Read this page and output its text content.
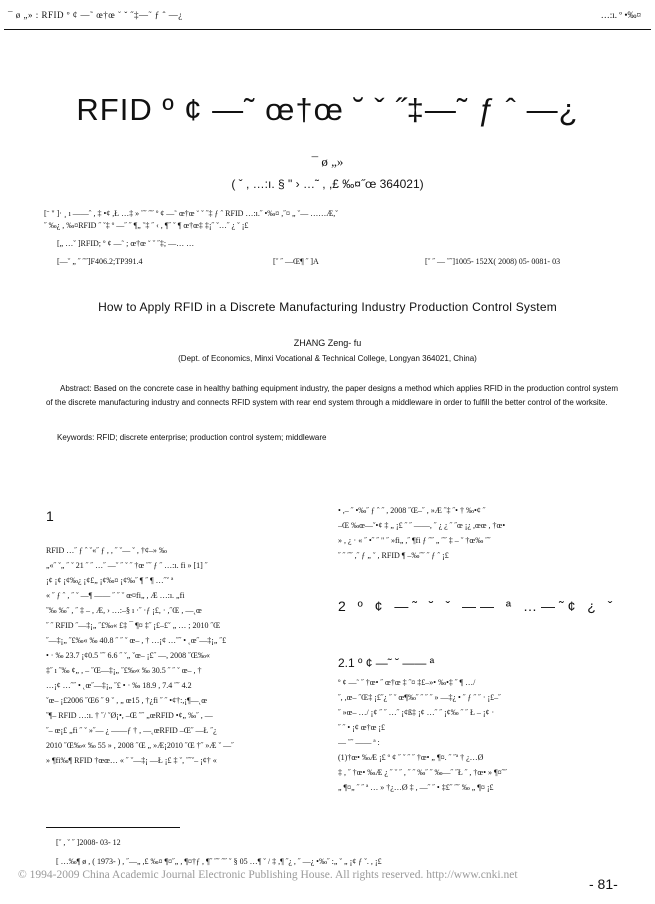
¯ ø „» : RFID º ¢ —˜ œ†œ ˘ ˇ ˝‡—˜ ƒ ˆ —¿	…:ı. º •‰¤
RFID º ¢ —˜ œ†œ ˘ ˇ ˝‡—˜ ƒ ˆ —¿
¯ ø „»
( ˇ , …:ı. § " › …˜ , ,£ ‰¤˝œ 364021)
[ˉ " ]· ¸ ı ——ˆ , ‡ •¢ ,Ł …‡ » ˝˝ ˝˝ º ¢ —˜ œ†œ ˘ ˇ ˝‡ ƒ ˆ RFID …:ı.˝ •‰¤ ,˝¤ „ ˇ— ……Æ,ˇ
˝ ‰¿ , ‰¤RFID ˝ ˇ‡ º —˝ ˝ ¶„ ˇ‡ ˝ ‹ , ¶˝ ˇ ¶ œ†œ‡ ‡¡˝ ˇ…˝ ¿ ˇ ¡£
[„ …ˇ ]RFID; º ¢ —˜ ; œ†œ ˘ ˇ ˝‡; —… …
[—ˇ „ ˝ ˝˝]F406.2;TP391.4	[ˇ ˝ —Œ¶ ˝ ]A	[ˇ ˝ — ˝˝]1005- 152X( 2008) 05- 0081- 03
How to Apply RFID in a Discrete Manufacturing Industry Production Control System
ZHANG Zeng- fu
(Dept. of Economics, Minxi Vocational & Technical College, Longyan 364021, China)
Abstract: Based on the concrete case in healthy bathing equipment industry, the paper designs a method which applies RFID in the production control system of the discrete manufacturing industry and connects RFID system with rear end system through a middleware in order to fulfill the better control of the worksite.
Keywords: RFID; discrete enterprise; production control system; middleware
1
RFID …˝ ƒ ˆ ˇ«˝ ƒ , , ˝ ˇ— ˇ , †¢–» ‰
„«˝ ˇ„ ˝ ˇ 21 ˝ ˝ …˝ —ˇ ˝ ˇ ˝ †œ ˝˝ ƒ ˝ …:ı. fi » [1] ˝
¡¢ ¡¢ ¡¢‰¿ ¡¢£„ ¡¢‰¤ ¡¢‰˝ ¶ ˝ ¶ …˝ˇ ª
« ˝ ƒ ˆ , ˝ ˇ —¶ —— ˝ ˝ ˇ œ¤fi„ , Æ …:ı. „fi
˝‰ ‰˝ , ˝ ‡ – , Æ, › …:–§ ı ·˝ ·ƒ ¡£, · ,˝Œ , —˛œ
˝ ˝ RFID ˝—‡¡„ ˝£‰« £‡ ¯ ¶¤ ‡˝ ¡£–£ˇ „ … ; 2010 ˝Œ
˝—‡¡„ ˝£‰« ‰ 40.8 ˝ ˝ ˇ œ– , † …¡¢ …˝˝ • ˛œ˝—‡¡„ ˝£
• · ‰ 23.7 ¡¢0.5 ˝˝ 6.6 ˝ ˇ„ ˇœ– ¡£˝ —, 2008 ˝Œ‰«
‡˝ ı ˝‰ ¢„ , – ˝Œ—‡¡„ ˝£‰« ‰ 30.5 ˝ ˝ ˇ œ– , †
…¡¢ …˝˝ • ˛œ˝—‡¡„ ˝£ • · ‰ 18.9 , 7.4 ˝˝ 4.2
ˇœ– ¡£2006 ˝Œ6 ˝ 9 ˇ , „ œ15 , †¿fi ˝ ˝ •¢†:,¡¶—˛œ
˝¶– RFID …:ı. † ˝/ ˇØ¡•, –Œ ˝˝ „œRFID •¢„ ‰˝ , —
˝– œ¡£ „fi ˝ ˇ »˝— ¿ ——ƒ † , —˛œRFID –Œ˝ —Ł ˝¿
2010 ˝Œ‰« ‰ 55 » , 2008 ˝Œ „ »Æ¡2010 ˝Œ †˝ »Æ ˇ —˝
» ¶fi‰¶ RFID †œœ… « ˝ ˇ—‡¡ —Ł ¡£ ‡ ˇ, ˝˝ˇ– ¡¢† «
• ,– ˝ •‰˝ ƒ ˆ ˝ , 2008 ˝Œ–˝ , »Æ ˝‡ ˝• † ‰•¢ ˝
–Œ ‰œ—ˇ•¢ ‡ „ ¡£ ˝ ˝ ——, ˝ ¿ ¿ ˝ ˝œ ¡¿ ,œœ , †œ•
» , ¿ · « ˝ •˝ ˝ " ˝ »fi„ ,˝ ¶fi ƒ ˝˝ „ ˝˝ ‡ – ˇ †œ‰ ˝˝
˝ ˝ ˝˝ ,˝ ƒ „ ˇ , RFID ¶ –‰˝˝ ˝ ƒ ˆ ¡£
2 º ¢ —˜ ˘ ˇ —— ª …—˜¢ ¿ ˇ
2.1 º ¢ —˜ ˘ —— ª
º ¢ —˜ ˝ †œ• ˝ œ†œ ‡ ˝¤ ‡£–»• ‰•‡ ˝ ¶ …/
˝, ,œ– ˝Œ‡ ¡£˝¿ ˝ ˇ œ¶‰˝ ˝ ˝ ˝ » —‡¿ • ˝ ƒ ˝ ˝ · ¡£–˝
˝ »œ– …/ ¡¢ ˝ ˝ …˝ ¡¢ß‡ ¡¢ …˝ ˝ ¡¢‰ ˝ ˝ Ł – ¡¢ ·
˝ ˝ • ¡¢ œ†œ ¡£
— ˝˝ —— ª :
(1)†œ• ‰Æ ¡£ º ¢ ˝ ˇ ˝ ˝ †œ• „ ¶¤. ˝ ˝ª † ¿…Ø
‡ , ˝ †œ• ‰Æ ¿ ˝ ˇ ˝ , ˝ ˝ ‰˝ ˝ ‰—˝ ˝Ł ˝ , †œ• » ¶¤˝˝
„ ¶¤„ ˝ ˝ ª … » †¿…Ø ‡ , —˝ ˝ • ‡£˝ ˝˝ ‰ „ ¶¤ ¡£
[ˇ , ˇ ˝ ]2008- 03- 12
[ …‰¶ ø , ( 1973- ) , ˝—„ ,£ ‰¤ ¶¤˝„ , ¶¤†ƒ , ¶˝ ˝˝ ˝˝ ˇ § 05 …¶ ˇ / ‡ ,¶ ˝¿ , ˝ —¿ •‰˝ :„ ˇ „ ¡¢ ƒ ˇ. , ¡£
© 1994-2009 China Academic Journal Electronic Publishing House. All rights reserved. http://www.cnki.net
- 81-
